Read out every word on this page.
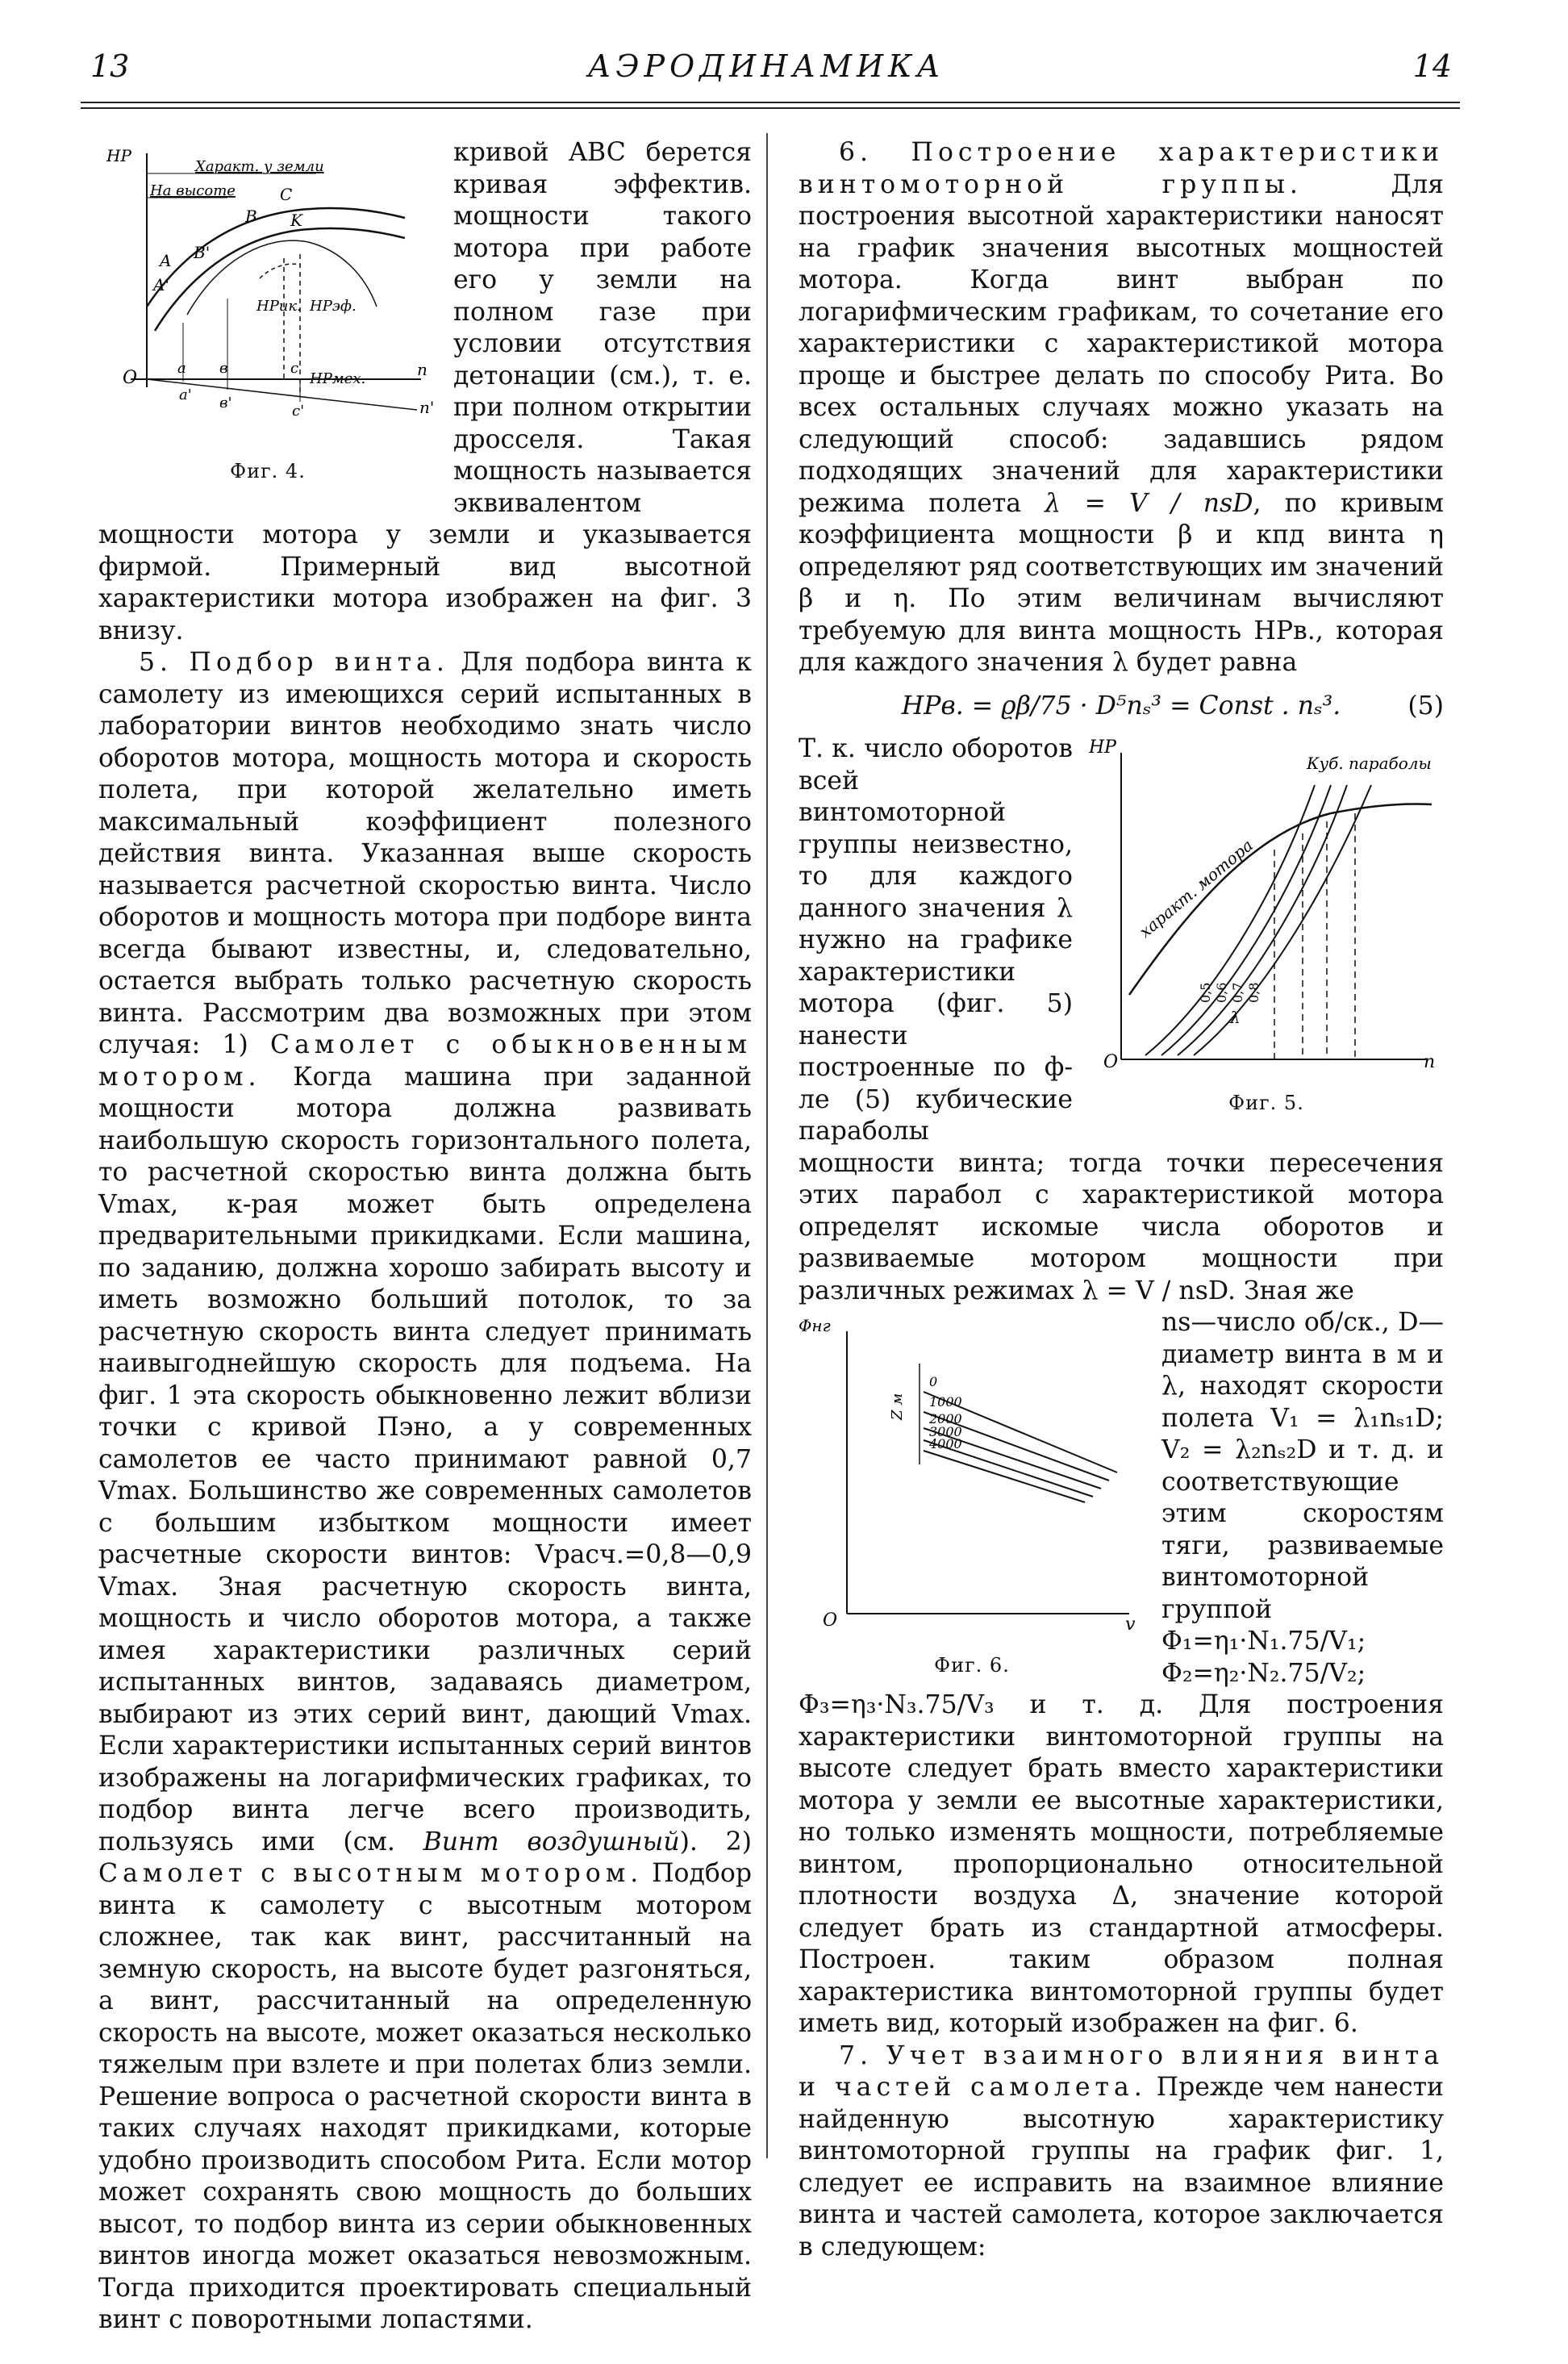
13	АЭРОДИНАМИКА	14
HP
Характ. у земли
На высоте	C
B K
A B'
A'
HPик. HPэф.
HPмех.
O	n
n'
a в	c
a' в'	c'
Фиг. 4.

кривой ABC берется кривая эффектив. мощности такого мотора при работе его у земли на полном газе при условии отсутствия детонации (см.), т. е. при полном открытии дросселя. Такая мощность называется эквивалентом мощности мотора у земли и указывается фирмой. Примерный вид высотной характеристики мотора изображен на фиг. 3 внизу.

5. Подбор винта. Для подбора винта к самолету из имеющихся серий испытанных в лаборатории винтов необходимо знать число оборотов мотора, мощность мотора и скорость полета, при которой желательно иметь максимальный коэффициент полезного действия винта. Указанная выше скорость называется расчетной скоростью винта. Число оборотов и мощность мотора при подборе винта всегда бывают известны, и, следовательно, остается выбрать только расчетную скорость винта. Рассмотрим два возможных при этом случая: 1) Самолет с обыкновенным мотором. Когда машина при заданной мощности мотора должна развивать наибольшую скорость горизонтального полета, то расчетной скоростью винта должна быть Vmax, к-рая может быть определена предварительными прикидками. Если машина, по заданию, должна хорошо забирать высоту и иметь возможно больший потолок, то за расчетную скорость винта следует принимать наивыгоднейшую скорость для подъема. На фиг. 1 эта скорость обыкновенно лежит вблизи точки c кривой Пэно, а у современных самолетов ее часто принимают равной 0,7 Vmax. Большинство же современных самолетов с большим избытком мощности имеет расчетные скорости винтов: Vрасч.=0,8—0,9 Vmax. Зная расчетную скорость винта, мощность и число оборотов мотора, а также имея характеристики различных серий испытанных винтов, задаваясь диаметром, выбирают из этих серий винт, дающий Vmax. Если характеристики испытанных серий винтов изображены на логарифмических графиках, то подбор винта легче всего производить, пользуясь ими (см. Винт воздушный). 2) Самолет с высотным мотором. Подбор винта к самолету с высотным мотором сложнее, так как винт, рассчитанный на земную скорость, на высоте будет разгоняться, а винт, рассчитанный на определенную скорость на высоте, может оказаться несколько тяжелым при взлете и при полетах близ земли. Решение вопроса о расчетной скорости винта в таких случаях находят прикидками, которые удобно производить способом Рита. Если мотор может сохранять свою мощность до больших высот, то подбор винта из серии обыкновенных винтов иногда может оказаться невозможным. Тогда приходится проектировать специальный винт с поворотными лопастями.

6. Построение характеристики винтомоторной группы.	Для построения высотной характеристики наносят на график значения высотных мощностей мотора. Когда винт выбран по логарифмическим графикам, то сочетание его характеристики с характеристикой мотора проще и быстрее делать по способу Рита. Во всех остальных случаях можно указать на следующий способ: задавшись рядом подходящих значений для характеристики режима полета λ = V / nsD, по кривым коэффициента мощности β и кпд винта η определяют ряд соответствующих им значений β и η. По этим величинам вычисляют требуемую для винта мощность HPв., которая для каждого значения λ будет равна

HPв. = ϱβ/75 · D⁵nₛ³ = Const . nₛ³.	(5)
HP
O	n
Куб. параболы
характ. мотора
0,5 0,6 0,7 0,8
λ
Фиг. 5.

Т. к. число оборотов всей винтомоторной группы неизвестно, то для каждого данного значения λ нужно на графике характеристики мотора (фиг. 5) нанести построенные по ф-ле (5) кубические параболы мощности винта; тогда точки пересечения этих парабол с характеристикой мотора определят искомые числа оборотов и развиваемые мотором мощности при различных режимах λ = V / nsD. Зная же

Φнг
O	v
Z м
0
1000
2000
3000
4000
Фиг. 6.

ns—число об/ск., D—диаметр винта в м и λ, находят скорости полета V₁ = λ₁nₛ₁D; V₂ = λ₂nₛ₂D и т. д. и соответствующие этим скоростям тяги, развиваемые винтомоторной группой Φ₁=η₁·N₁.75/V₁; Φ₂=η₂·N₂.75/V₂; Φ₃=η₃·N₃.75/V₃ и т. д. Для построения характеристики винтомоторной группы на высоте следует брать вместо характеристики мотора у земли ее высотные характеристики, но только изменять мощности, потребляемые винтом, пропорционально относительной плотности воздуха Δ, значение которой следует брать из стандартной атмосферы. Построен. таким образом полная характеристика винтомоторной группы будет иметь вид, который изображен на фиг. 6.

7. Учет взаимного влияния винта и частей самолета. Прежде чем нанести найденную высотную характеристику винтомоторной группы на график фиг. 1, следует ее исправить на взаимное влияние винта и частей самолета, которое заключается в следующем:
